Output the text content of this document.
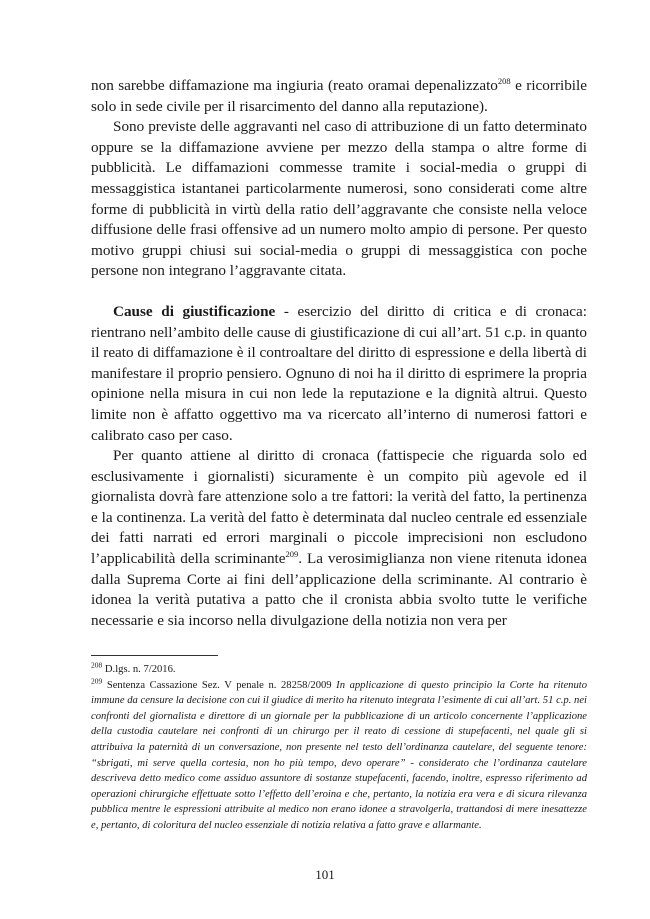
non sarebbe diffamazione ma ingiuria (reato oramai depenalizzato$^{208}$ e ricorribile solo in sede civile per il risarcimento del danno alla reputazione).

Sono previste delle aggravanti nel caso di attribuzione di un fatto determinato oppure se la diffamazione avviene per mezzo della stampa o altre forme di pubblicità. Le diffamazioni commesse tramite i social-media o gruppi di messaggistica istantanei particolarmente numerosi, sono considerati come altre forme di pubblicità in virtù della ratio dell’aggravante che consiste nella veloce diffusione delle frasi offensive ad un numero molto ampio di persone. Per questo motivo gruppi chiusi sui social-media o gruppi di messaggistica con poche persone non integrano l’aggravante citata.

Cause di giustificazione - esercizio del diritto di critica e di cronaca: rientrano nell’ambito delle cause di giustificazione di cui all’art. 51 c.p. in quanto il reato di diffamazione è il controaltare del diritto di espressione e della libertà di manifestare il proprio pensiero. Ognuno di noi ha il diritto di esprimere la propria opinione nella misura in cui non lede la reputazione e la dignità altrui. Questo limite non è affatto oggettivo ma va ricercato all’interno di numerosi fattori e calibrato caso per caso.

Per quanto attiene al diritto di cronaca (fattispecie che riguarda solo ed esclusivamente i giornalisti) sicuramente è un compito più agevole ed il giornalista dovrà fare attenzione solo a tre fattori: la verità del fatto, la pertinenza e la continenza. La verità del fatto è determinata dal nucleo centrale ed essenziale dei fatti narrati ed errori marginali o piccole imprecisioni non escludono l’applicabilità della scriminante$^{209}$. La verosimiglianza non viene ritenuta idonea dalla Suprema Corte ai fini dell’applicazione della scriminante. Al contrario è idonea la verità putativa a patto che il cronista abbia svolto tutte le verifiche necessarie e sia incorso nella divulgazione della notizia non vera per

$^{208}$ D.lgs. n. 7/2016.

$^{209}$ Sentenza Cassazione Sez. V penale n. 28258/2009 In applicazione di questo principio la Corte ha ritenuto immune da censure la decisione con cui il giudice di merito ha ritenuto integrata l’esimente di cui all’art. 51 c.p. nei confronti del giornalista e direttore di un giornale per la pubblicazione di un articolo concernente l’applicazione della custodia cautelare nei confronti di un chirurgo per il reato di cessione di stupefacenti, nel quale gli si attribuiva la paternità di un conversazione, non presente nel testo dell’ordinanza cautelare, del seguente tenore: “sbrigati, mi serve quella cortesia, non ho più tempo, devo operare” - considerato che l’ordinanza cautelare descriveva detto medico come assiduo assuntore di sostanze stupefacenti, facendo, inoltre, espresso riferimento ad operazioni chirurgiche effettuate sotto l’effetto dell’eroina e che, pertanto, la notizia era vera e di sicura rilevanza pubblica mentre le espressioni attribuite al medico non erano idonee a stravolgerla, trattandosi di mere inesattezze e, pertanto, di coloritura del nucleo essenziale di notizia relativa a fatto grave e allarmante.

101
